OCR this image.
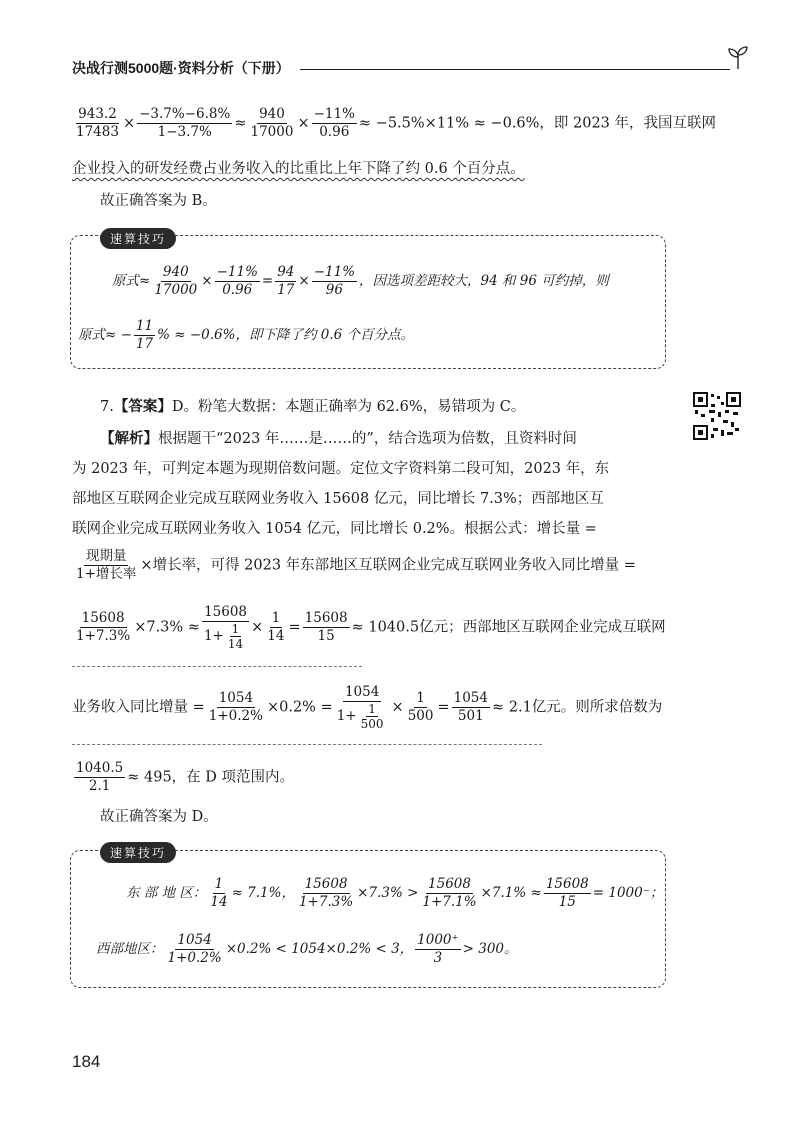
决战行测5000题·资料分析（下册）
$\frac{943.2}{17483} \times \frac{-3.7\%-6.8\%}{1-3.7\%} \approx \frac{940}{17000} \times \frac{-11\%}{0.96} \approx -5.5\%\times 11\% \approx -0.6\%$，即 2023 年，我国互联网
企业投入的研发经费占业务收入的比重比上年下降了约 0.6 个百分点。
故正确答案为 B。
速算技巧
原式≈ $\frac{940}{17000} \times \frac{-11\%}{0.96} = \frac{94}{17} \times \frac{-11\%}{96}$ ，因选项差距较大，94 和 96 可约掉，则
原式≈ − $\frac{11}{17}$ % ≈ −0.6%，即下降了约 0.6 个百分点。
7.【答案】D。粉笔大数据：本题正确率为 62.6%，易错项为 C。
【解析】根据题干“2023 年……是……的”，结合选项为倍数，且资料时间
为 2023 年，可判定本题为现期倍数问题。定位文字资料第二段可知，2023 年，东
部地区互联网企业完成互联网业务收入 15608 亿元，同比增长 7.3%；西部地区互
联网企业完成互联网业务收入 1054 亿元，同比增长 0.2%。根据公式：增长量 =
$\frac{\text{现期量}}{\text{1+增长率}}$ ×增长率，可得 2023 年东部地区互联网企业完成互联网业务收入同比增量 =
$\frac{15608}{1+7.3\%} \times 7.3\% \approx \frac{15608}{1+ \frac{1}{14}} \times \frac{1}{14} = \frac{15608}{15} \approx 1040.5$亿元；西部地区互联网企业完成互联网
业务收入同比增量 = $\frac{1054}{1+0.2\%} \times 0.2\% = \frac{1054}{1+ \frac{1}{500}} \times \frac{1}{500} = \frac{1054}{501} \approx 2.1$亿元。则所求倍数为
$\frac{1040.5}{2.1} \approx 495$，在 D 项范围内。
故正确答案为 D。
速算技巧
东 部 地 区： $\frac{1}{14} \approx 7.1\%$， $\frac{15608}{1+7.3\%} \times 7.3\% > \frac{15608}{1+7.1\%} \times 7.1\% \approx \frac{15608}{15} = 1000^-$；
西部地区： $\frac{1054}{1+0.2\%} \times 0.2\% < 1054\times 0.2\% < 3$， $\frac{1000^+}{3} > 300$。
184
